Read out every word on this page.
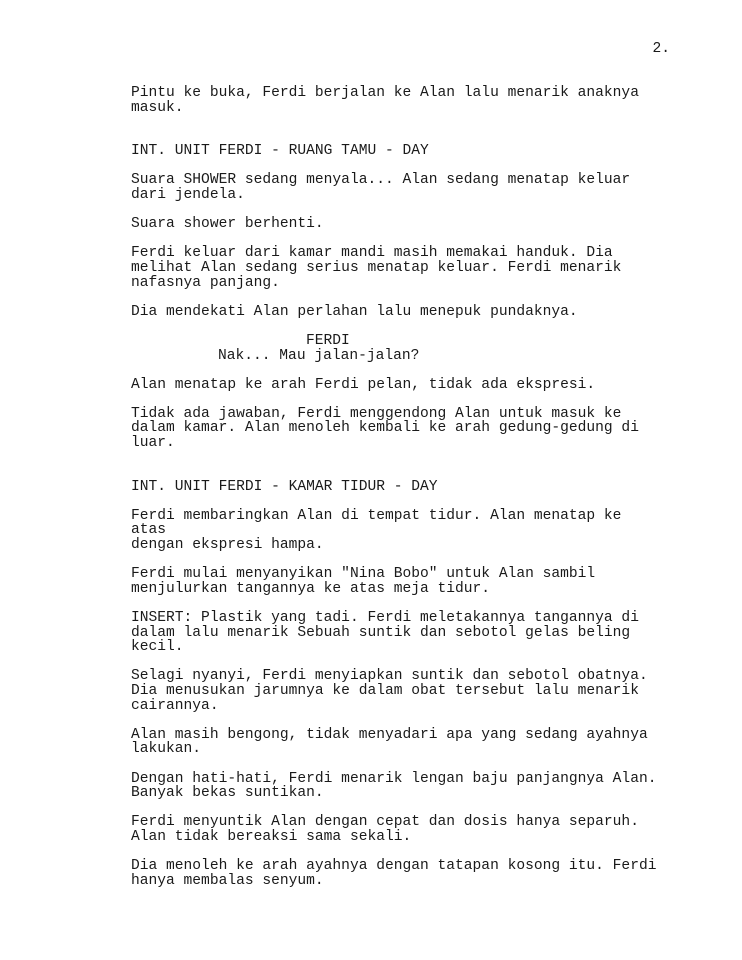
2.

Pintu ke buka, Ferdi berjalan ke Alan lalu menarik anaknya
masuk.

INT. UNIT FERDI - RUANG TAMU - DAY

Suara SHOWER sedang menyala... Alan sedang menatap keluar
dari jendela.

Suara shower berhenti.

Ferdi keluar dari kamar mandi masih memakai handuk. Dia
melihat Alan sedang serius menatap keluar. Ferdi menarik
nafasnya panjang.

Dia mendekati Alan perlahan lalu menepuk pundaknya.

FERDI

Nak... Mau jalan-jalan?

Alan menatap ke arah Ferdi pelan, tidak ada ekspresi.

Tidak ada jawaban, Ferdi menggendong Alan untuk masuk ke
dalam kamar. Alan menoleh kembali ke arah gedung-gedung di
luar.

INT. UNIT FERDI - KAMAR TIDUR - DAY

Ferdi membaringkan Alan di tempat tidur. Alan menatap ke atas
dengan ekspresi hampa.

Ferdi mulai menyanyikan "Nina Bobo" untuk Alan sambil
menjulurkan tangannya ke atas meja tidur.

INSERT: Plastik yang tadi. Ferdi meletakannya tangannya di
dalam lalu menarik Sebuah suntik dan sebotol gelas beling
kecil.

Selagi nyanyi, Ferdi menyiapkan suntik dan sebotol obatnya.
Dia menusukan jarumnya ke dalam obat tersebut lalu menarik
cairannya.

Alan masih bengong, tidak menyadari apa yang sedang ayahnya
lakukan.

Dengan hati-hati, Ferdi menarik lengan baju panjangnya Alan.
Banyak bekas suntikan.

Ferdi menyuntik Alan dengan cepat dan dosis hanya separuh.
Alan tidak bereaksi sama sekali.

Dia menoleh ke arah ayahnya dengan tatapan kosong itu. Ferdi
hanya membalas senyum.
